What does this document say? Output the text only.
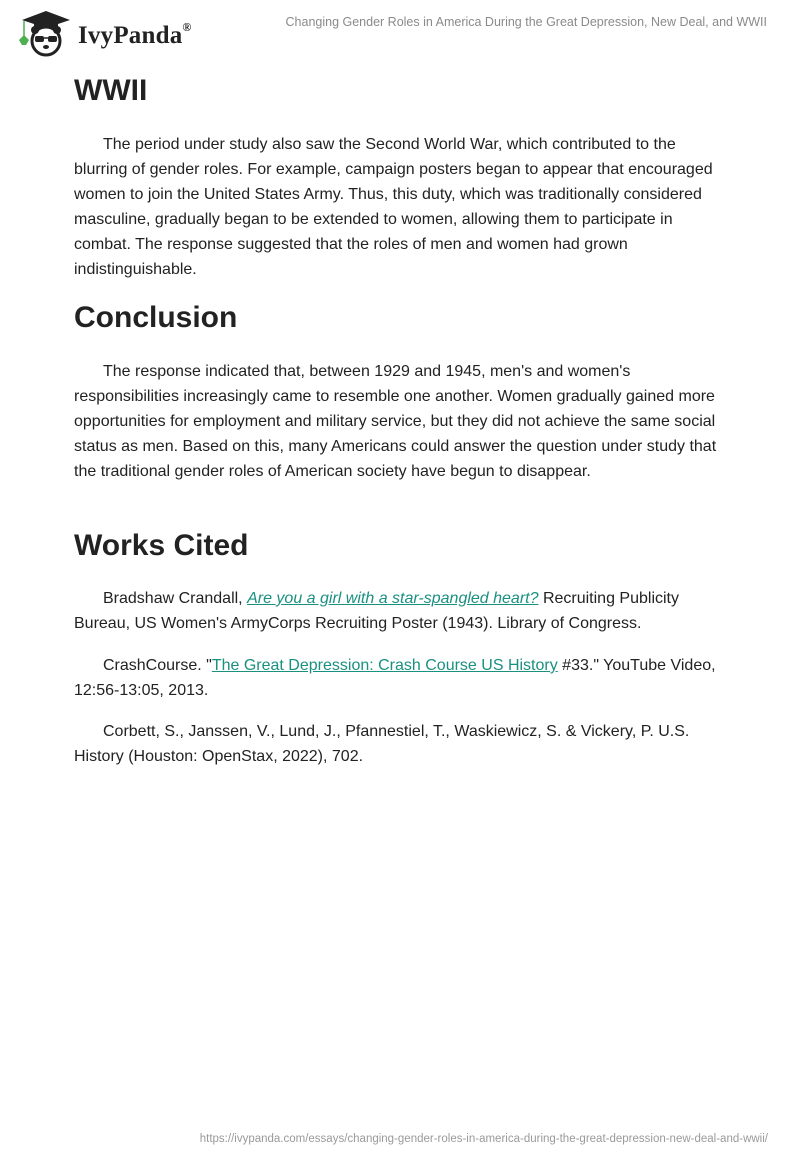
IvyPanda®	Changing Gender Roles in America During the Great Depression, New Deal, and WWII
WWII

The period under study also saw the Second World War, which contributed to the blurring of gender roles. For example, campaign posters began to appear that encouraged women to join the United States Army. Thus, this duty, which was traditionally considered masculine, gradually began to be extended to women, allowing them to participate in combat. The response suggested that the roles of men and women had grown indistinguishable.

Conclusion

The response indicated that, between 1929 and 1945, men's and women's responsibilities increasingly came to resemble one another. Women gradually gained more opportunities for employment and military service, but they did not achieve the same social status as men. Based on this, many Americans could answer the question under study that the traditional gender roles of American society have begun to disappear.

Works Cited

Bradshaw Crandall, Are you a girl with a star-spangled heart? Recruiting Publicity Bureau, US Women's ArmyCorps Recruiting Poster (1943). Library of Congress.

CrashCourse. "The Great Depression: Crash Course US History #33." YouTube Video, 12:56-13:05, 2013.

Corbett, S., Janssen, V., Lund, J., Pfannestiel, T., Waskiewicz, S. & Vickery, P. U.S. History (Houston: OpenStax, 2022), 702.

https://ivypanda.com/essays/changing-gender-roles-in-america-during-the-great-depression-new-deal-and-wwii/
